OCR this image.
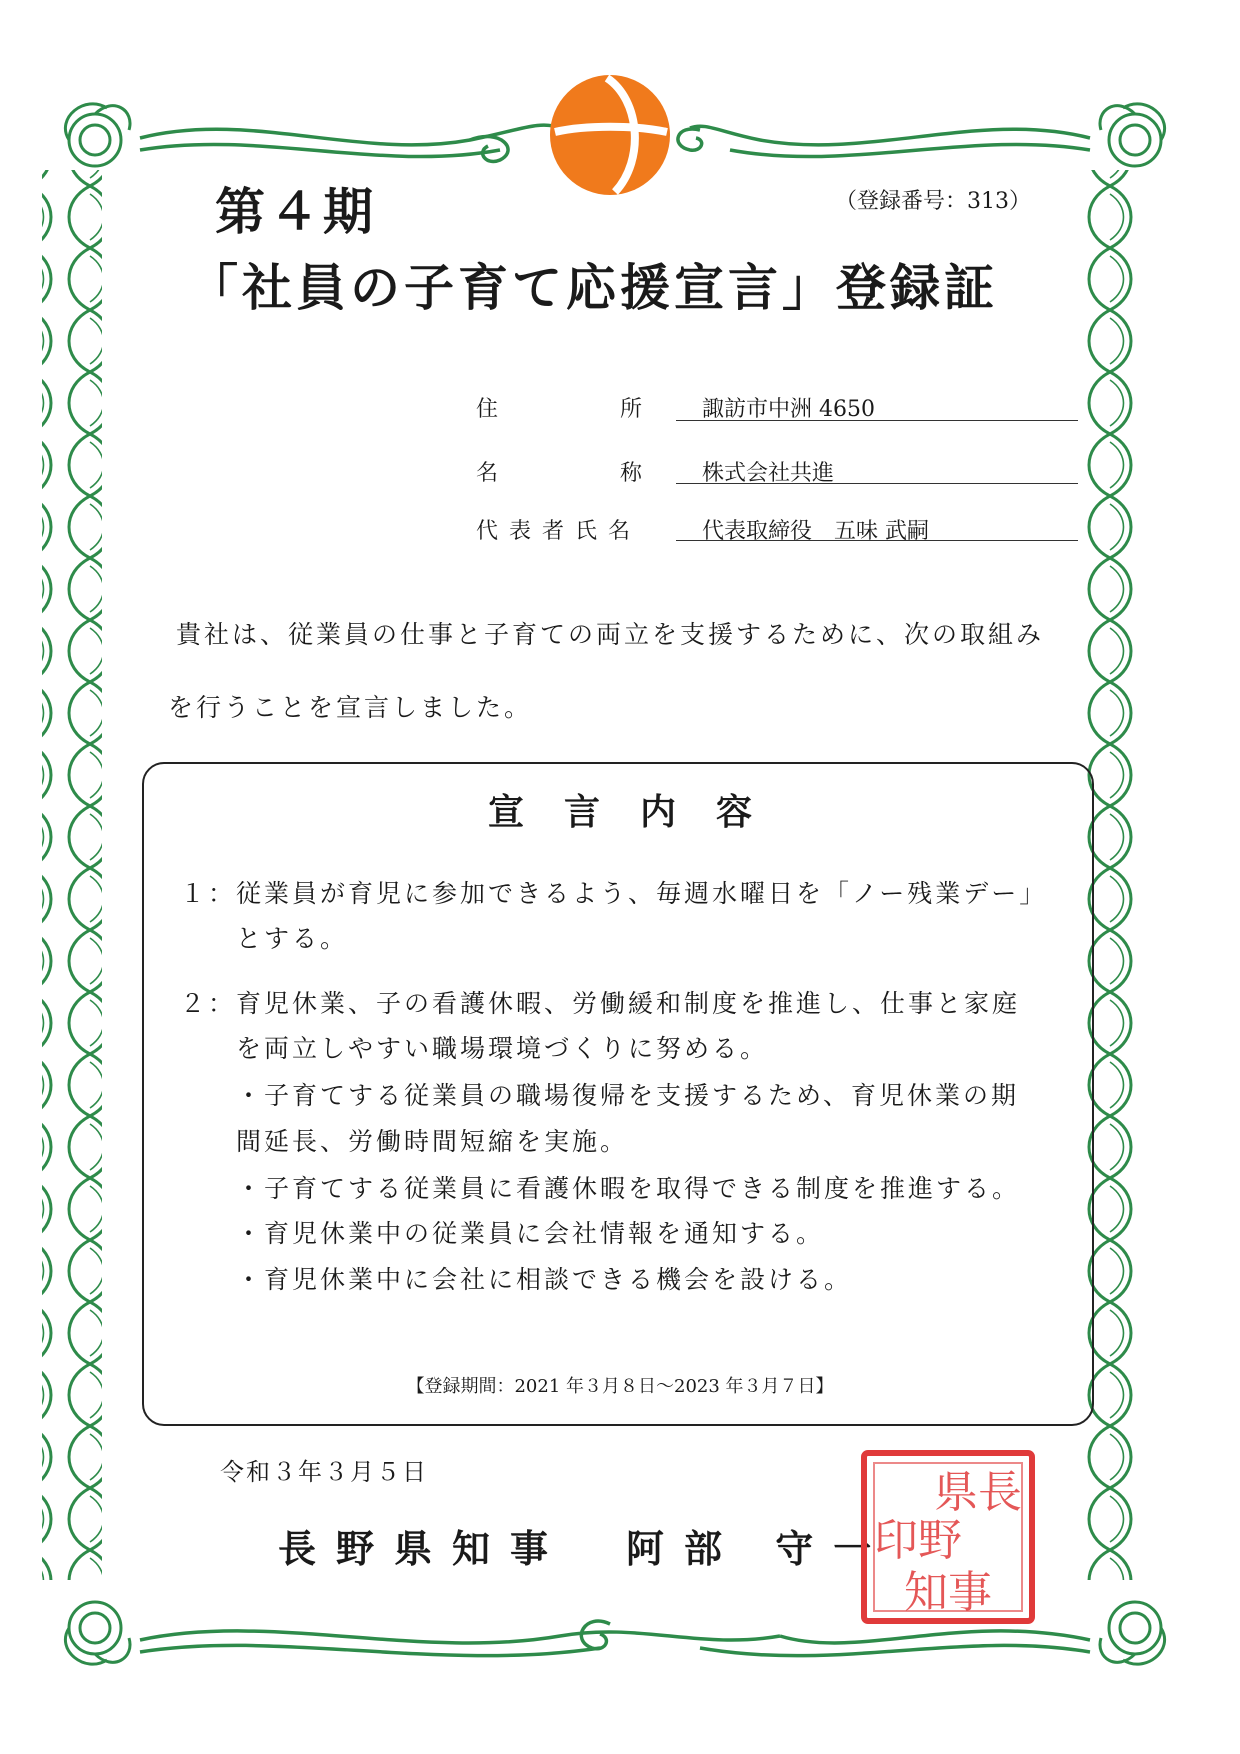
第４期	（登録番号：313）
「社員の子育て応援宣言」登録証
住　　　　　所	諏訪市中洲 4650
名　　　　　称	株式会社共進
代 表 者 氏 名	代表取締役　五味 武嗣
貴社は、従業員の仕事と子育ての両立を支援するために、次の取組み
を行うことを宣言しました。
宣言内容
１：従業員が育児に参加できるよう、毎週水曜日を「ノー残業デー」
とする。
２：育児休業、子の看護休暇、労働緩和制度を推進し、仕事と家庭
を両立しやすい職場環境づくりに努める。
・子育てする従業員の職場復帰を支援するため、育児休業の期
間延長、労働時間短縮を実施。
・子育てする従業員に看護休暇を取得できる制度を推進する。
・育児休業中の従業員に会社情報を通知する。
・育児休業中に会社に相談できる機会を設ける。
【登録期間：2021 年３月８日～2023 年３月７日】
令和３年３月５日
長野県知事　阿部 守一
県長
印野
知事
